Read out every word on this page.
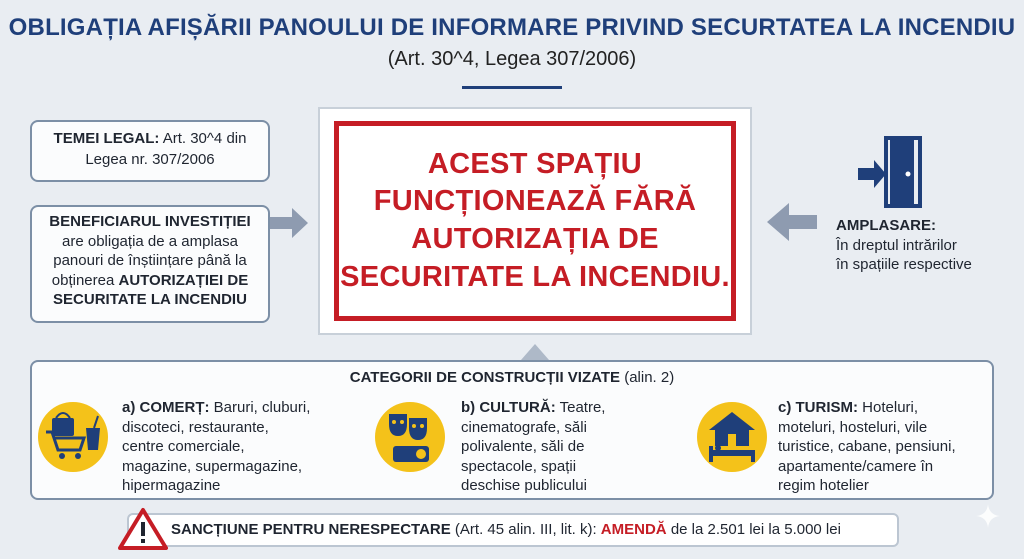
OBLIGAȚIA AFIȘĂRII PANOULUI DE INFORMARE PRIVIND SECURTATEA LA INCENDIU
(Art. 30^4, Legea 307/2006)
TEMEI LEGAL: Art. 30^4 din
Legea nr. 307/2006
BENEFICIARUL INVESTIȚIEI
are obligația de a amplasa
panouri de înștiințare până la
obținerea AUTORIZAȚIEI DE
SECURITATE LA INCENDIU
ACEST SPAȚIU
FUNCȚIONEAZĂ FĂRĂ
AUTORIZAȚIA DE
SECURITATE LA INCENDIU.
AMPLASARE:
În dreptul intrărilor
în spațiile respective
CATEGORII DE CONSTRUCȚII VIZATE (alin. 2)
a) COMERȚ: Baruri, cluburi,
discoteci, restaurante,
centre comerciale,
magazine, supermagazine,
hipermagazine
b) CULTURĂ: Teatre,
cinematografe, săli
polivalente, săli de
spectacole, spații
deschise publicului
c) TURISM: Hoteluri,
moteluri, hosteluri, vile
turistice, cabane, pensiuni,
apartamente/camere în
regim hotelier
SANCȚIUNE PENTRU NERESPECTARE (Art. 45 alin. III, lit. k): AMENDĂ de la 2.501 lei la 5.000 lei
